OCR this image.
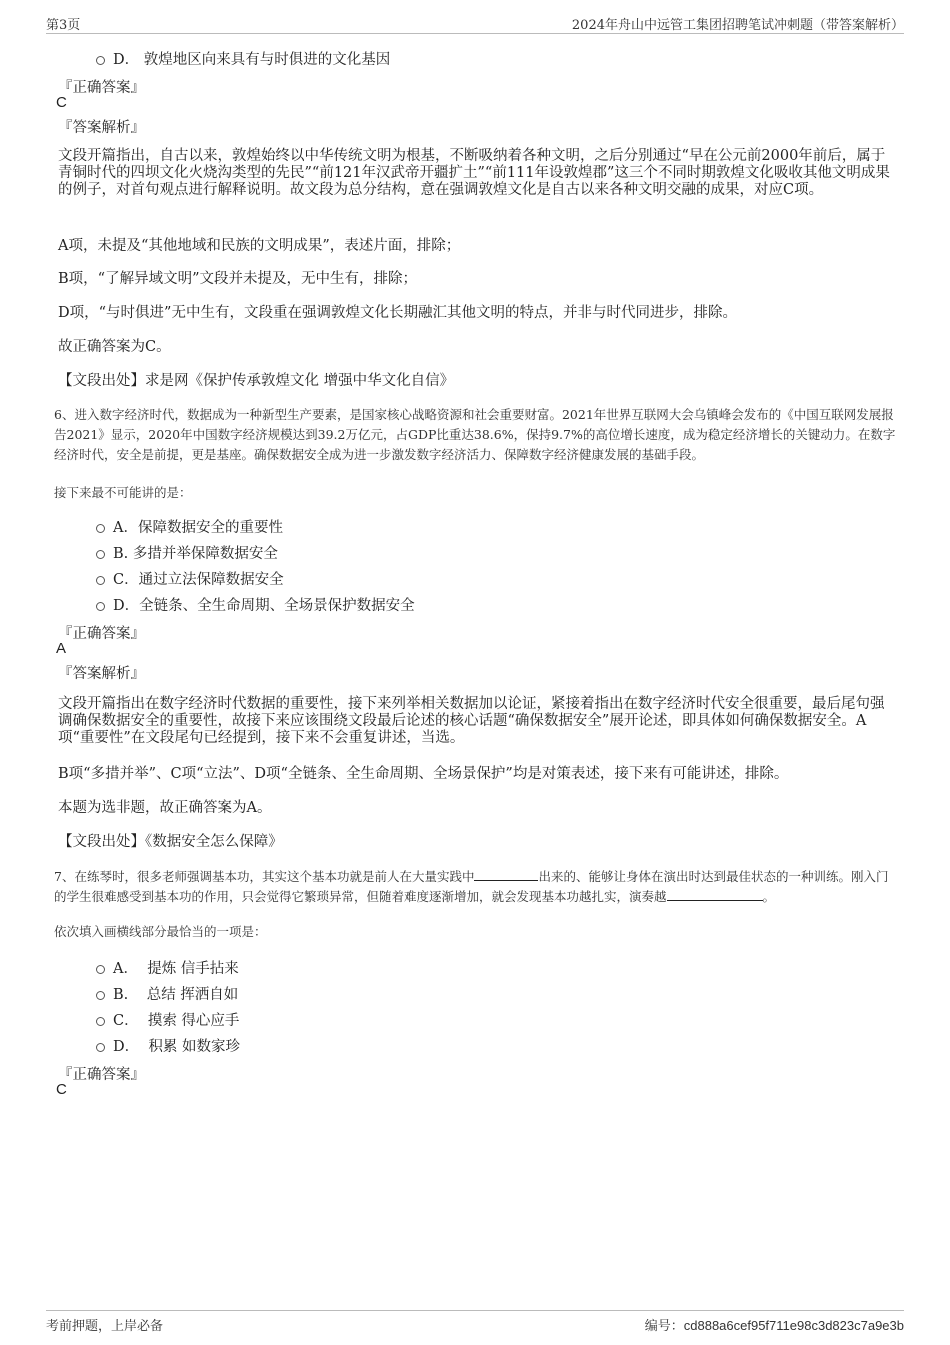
第3页	2024年舟山中远管工集团招聘笔试冲刺题（带答案解析）
D． 敦煌地区向来具有与时俱进的文化基因
『正确答案』
C
『答案解析』
文段开篇指出，自古以来，敦煌始终以中华传统文明为根基，不断吸纳着各种文明，之后分别通过“早在公元前2000年前后，属于青铜时代的四坝文化火烧沟类型的先民”“前121年汉武帝开疆扩土”“前111年设敦煌郡”这三个不同时期敦煌文化吸收其他文明成果的例子，对首句观点进行解释说明。故文段为总分结构，意在强调敦煌文化是自古以来各种文明交融的成果，对应C项。
A项，未提及“其他地域和民族的文明成果”，表述片面，排除；
B项，“了解异域文明”文段并未提及，无中生有，排除；
D项，“与时俱进”无中生有，文段重在强调敦煌文化长期融汇其他文明的特点，并非与时代同进步，排除。
故正确答案为C。
【文段出处】求是网《保护传承敦煌文化 增强中华文化自信》
6、进入数字经济时代，数据成为一种新型生产要素，是国家核心战略资源和社会重要财富。2021年世界互联网大会乌镇峰会发布的《中国互联网发展报告2021》显示，2020年中国数字经济规模达到39.2万亿元，占GDP比重达38.6%，保持9.7%的高位增长速度，成为稳定经济增长的关键动力。在数字经济时代，安全是前提，更是基座。确保数据安全成为进一步激发数字经济活力、保障数字经济健康发展的基础手段。
接下来最不可能讲的是：
A．保障数据安全的重要性
B. 多措并举保障数据安全
C．通过立法保障数据安全
D．全链条、全生命周期、全场景保护数据安全
『正确答案』
A
『答案解析』
文段开篇指出在数字经济时代数据的重要性，接下来列举相关数据加以论证，紧接着指出在数字经济时代安全很重要，最后尾句强调确保数据安全的重要性，故接下来应该围绕文段最后论述的核心话题“确保数据安全”展开论述，即具体如何确保数据安全。A项“重要性”在文段尾句已经提到，接下来不会重复讲述，当选。
B项“多措并举”、C项“立法”、D项“全链条、全生命周期、全场景保护”均是对策表述，接下来有可能讲述，排除。
本题为选非题，故正确答案为A。
【文段出处】《数据安全怎么保障》
7、在练琴时，很多老师强调基本功，其实这个基本功就是前人在大量实践中	出来的、能够让身体在演出时达到最佳状态的一种训练。刚入门的学生很难感受到基本功的作用，只会觉得它繁琐异常，但随着难度逐渐增加，就会发现基本功越扎实，演奏越	。
依次填入画横线部分最恰当的一项是：
A．  提炼 信手拈来
B.    总结 挥洒自如
C．  摸索 得心应手
D．  积累 如数家珍
『正确答案』
C
考前押题，上岸必备	编号：cd888a6cef95f711e98c3d823c7a9e3b
